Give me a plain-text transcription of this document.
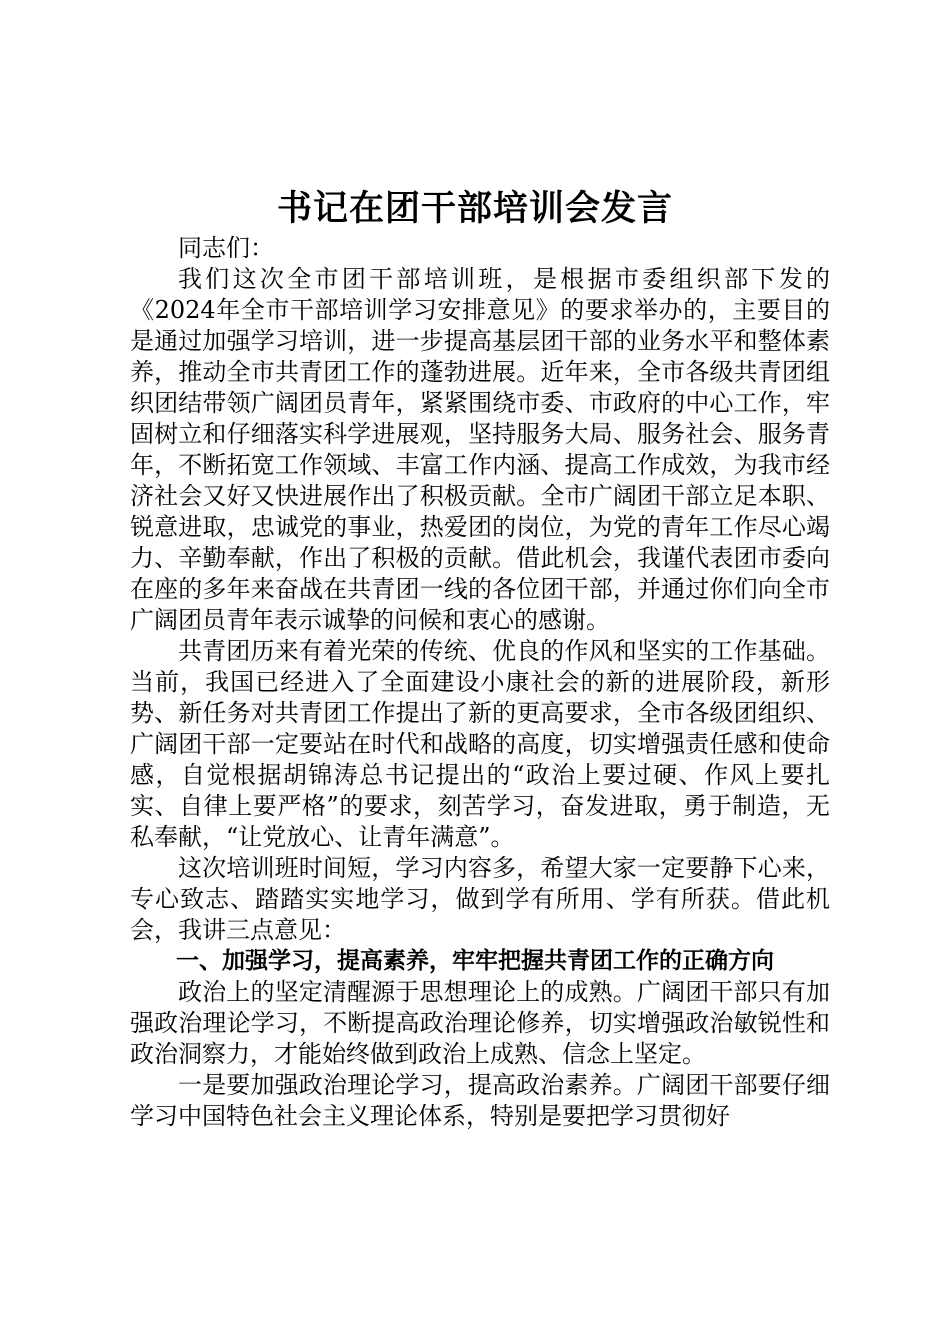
书记在团干部培训会发言

同志们：

我们这次全市团干部培训班，是根据市委组织部下发的《2024年全市干部培训学习安排意见》的要求举办的，主要目的是通过加强学习培训，进一步提高基层团干部的业务水平和整体素养，推动全市共青团工作的蓬勃进展。近年来，全市各级共青团组织团结带领广阔团员青年，紧紧围绕市委、市政府的中心工作，牢固树立和仔细落实科学进展观，坚持服务大局、服务社会、服务青年，不断拓宽工作领域、丰富工作内涵、提高工作成效，为我市经济社会又好又快进展作出了积极贡献。全市广阔团干部立足本职、锐意进取，忠诚党的事业，热爱团的岗位，为党的青年工作尽心竭力、辛勤奉献，作出了积极的贡献。借此机会，我谨代表团市委向在座的多年来奋战在共青团一线的各位团干部，并通过你们向全市广阔团员青年表示诚挚的问候和衷心的感谢。

共青团历来有着光荣的传统、优良的作风和坚实的工作基础。当前，我国已经进入了全面建设小康社会的新的进展阶段，新形势、新任务对共青团工作提出了新的更高要求，全市各级团组织、广阔团干部一定要站在时代和战略的高度，切实增强责任感和使命感，自觉根据胡锦涛总书记提出的“政治上要过硬、作风上要扎实、自律上要严格”的要求，刻苦学习，奋发进取，勇于制造，无私奉献，“让党放心、让青年满意”。

这次培训班时间短，学习内容多，希望大家一定要静下心来，专心致志、踏踏实实地学习，做到学有所用、学有所获。借此机会，我讲三点意见：

一、加强学习，提高素养，牢牢把握共青团工作的正确方向

政治上的坚定清醒源于思想理论上的成熟。广阔团干部只有加强政治理论学习，不断提高政治理论修养，切实增强政治敏锐性和政治洞察力，才能始终做到政治上成熟、信念上坚定。

一是要加强政治理论学习，提高政治素养。广阔团干部要仔细学习中国特色社会主义理论体系，特别是要把学习贯彻好
